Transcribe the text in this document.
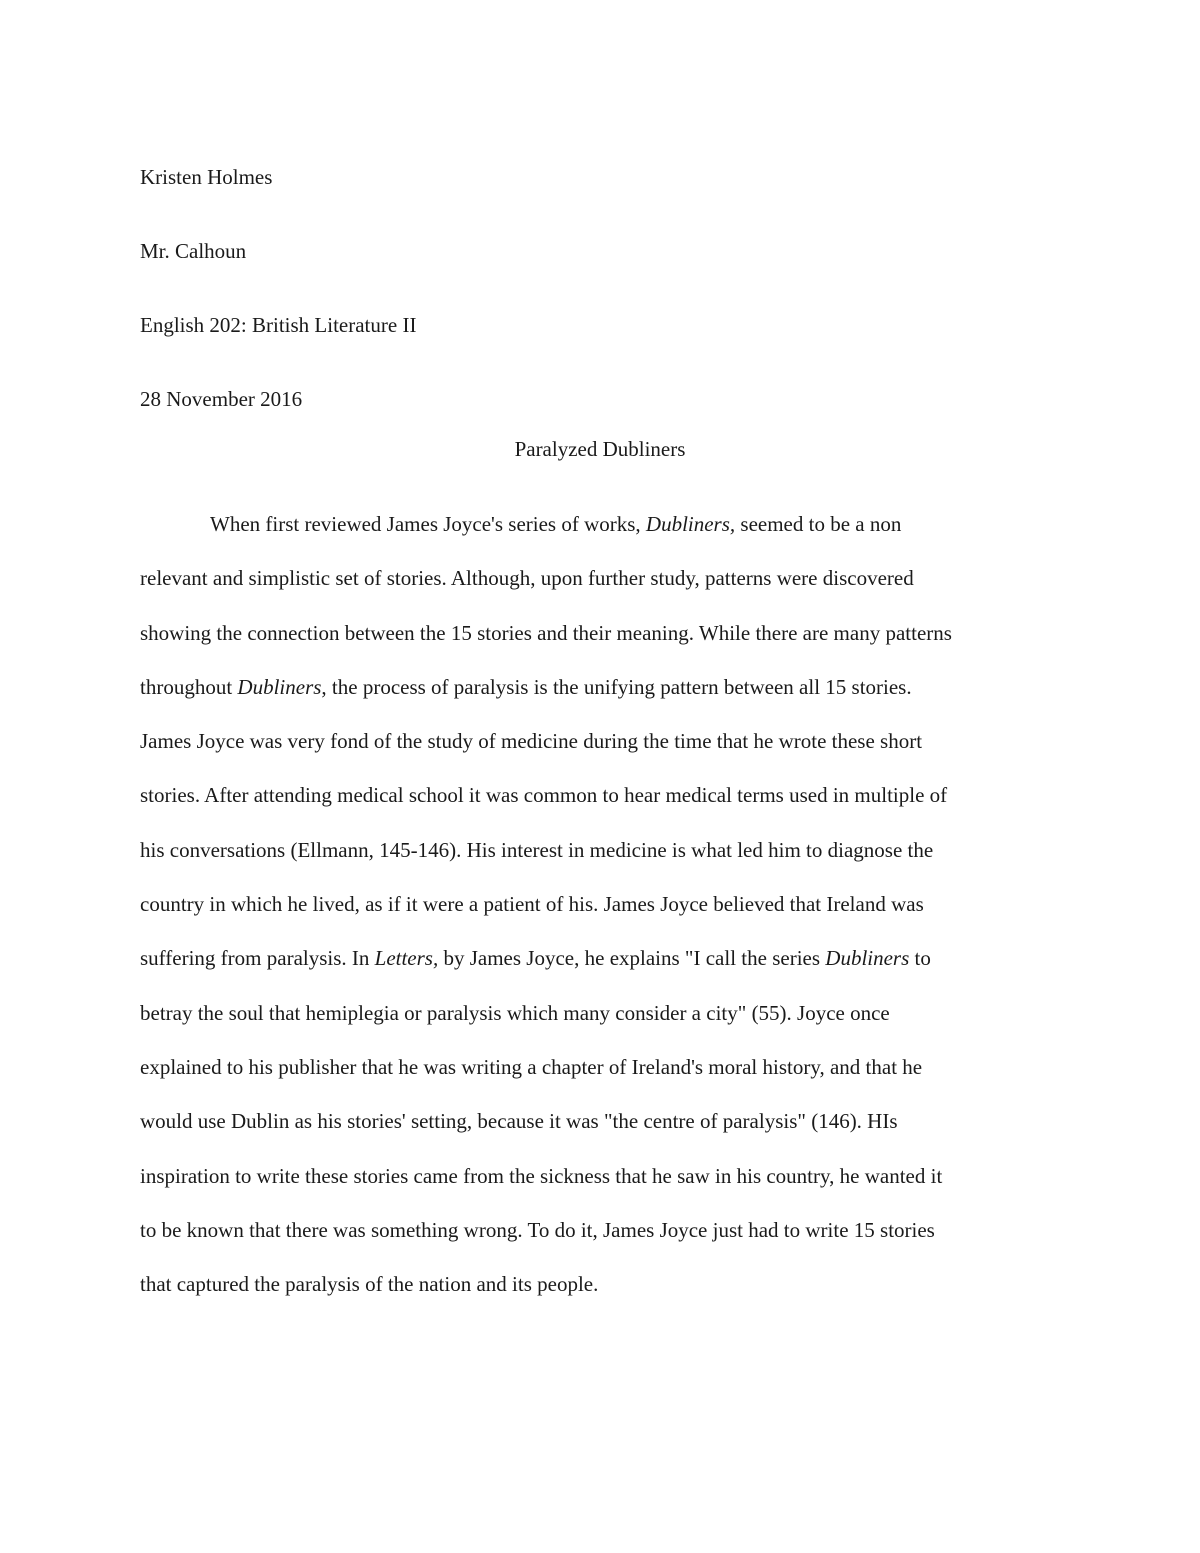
Kristen Holmes

Mr. Calhoun

English 202: British Literature II

28 November 2016

Paralyzed Dubliners

When first reviewed James Joyce's series of works, Dubliners, seemed to be a non

relevant and simplistic set of stories. Although, upon further study, patterns were discovered

showing the connection between the 15 stories and their meaning. While there are many patterns

throughout Dubliners, the process of paralysis is the unifying pattern between all 15 stories.

James Joyce was very fond of the study of medicine during the time that he wrote these short

stories. After attending medical school it was common to hear medical terms used in multiple of

his conversations (Ellmann, 145-146). His interest in medicine is what led him to diagnose the

country in which he lived, as if it were a patient of his. James Joyce believed that Ireland was

suffering from paralysis. In Letters, by James Joyce, he explains "I call the series Dubliners to

betray the soul that hemiplegia or paralysis which many consider a city" (55). Joyce once

explained to his publisher that he was writing a chapter of Ireland's moral history, and that he

would use Dublin as his stories' setting, because it was "the centre of paralysis" (146). HIs

inspiration to write these stories came from the sickness that he saw in his country, he wanted it

to be known that there was something wrong. To do it, James Joyce just had to write 15 stories

that captured the paralysis of the nation and its people.
